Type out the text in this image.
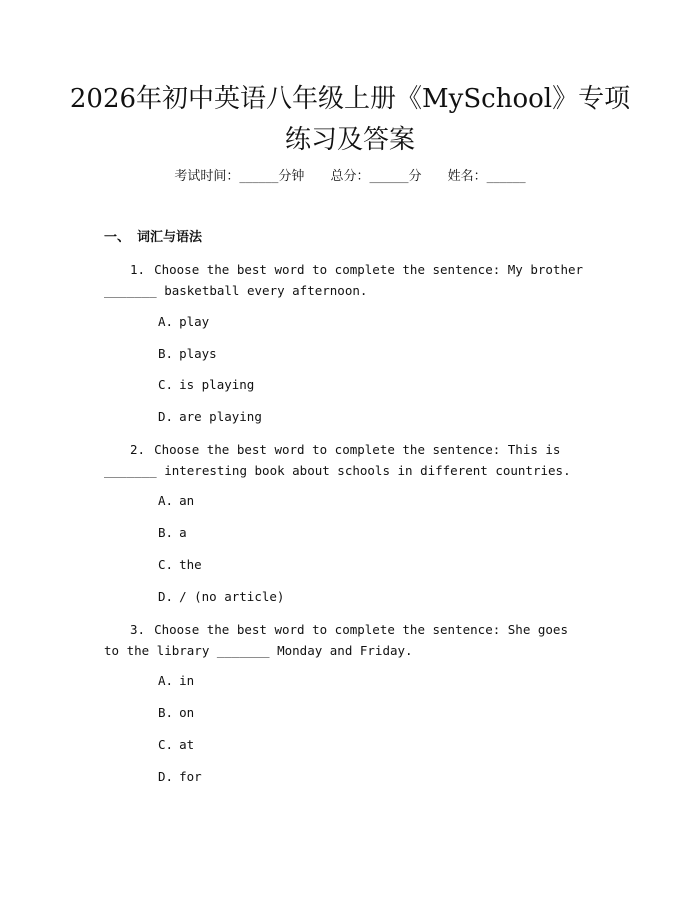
2026年初中英语八年级上册《MySchool》专项练习及答案
考试时间：______分钟 总分：______分 姓名：______
一、 词汇与语法
1. Choose the best word to complete the sentence: My brother _______ basketball every afternoon.
A. play
B. plays
C. is playing
D. are playing
2. Choose the best word to complete the sentence: This is _______ interesting book about schools in different countries.
A. an
B. a
C. the
D. / (no article)
3. Choose the best word to complete the sentence: She goes to the library _______ Monday and Friday.
A. in
B. on
C. at
D. for
